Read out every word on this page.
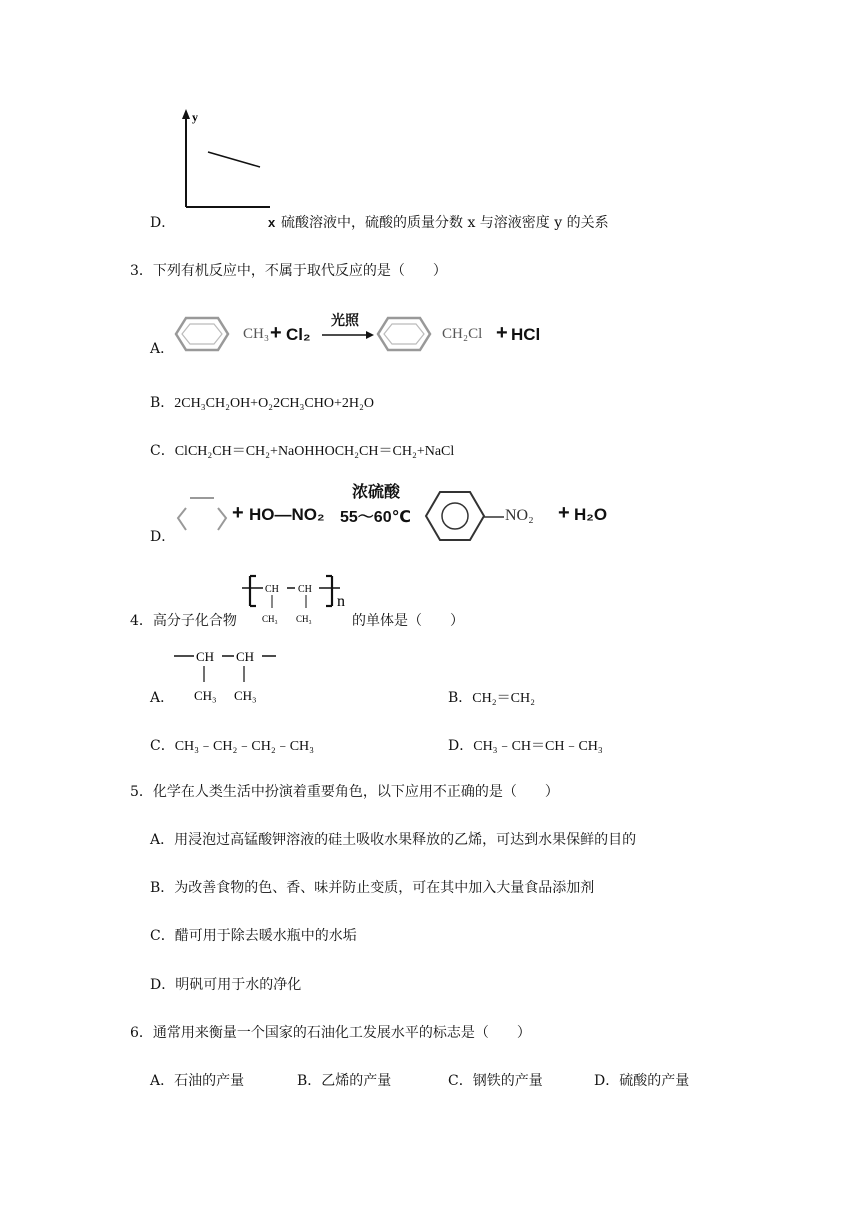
y
D．	x 硫酸溶液中，硫酸的质量分数 x 与溶液密度 y 的关系
3．下列有机反应中，不属于取代反应的是（　　）
A．
CH₃ + Cl₂
光照
CH₂Cl + HCl
B．2CH₃CH₂OH+O₂2CH₃CHO+2H₂O
C．ClCH₂CH＝CH₂+NaOHHOCH₂CH＝CH₂+NaCl
D．
+ HO—NO₂
浓硫酸
55～60℃	NO₂ + H₂O
4．高分子化合物
CH CH
CH₃ CH₃
n
的单体是（　　）
A．
CH CH
CH₃ CH₃	B．CH₂＝CH₂
C．CH₃﹣CH₂﹣CH₂﹣CH₃	D．CH₃﹣CH＝CH﹣CH₃
5．化学在人类生活中扮演着重要角色，以下应用不正确的是（　　）
A．用浸泡过高锰酸钾溶液的硅土吸收水果释放的乙烯，可达到水果保鲜的目的
B．为改善食物的色、香、味并防止变质，可在其中加入大量食品添加剂
C．醋可用于除去暖水瓶中的水垢
D．明矾可用于水的净化
6．通常用来衡量一个国家的石油化工发展水平的标志是（　　）
A．石油的产量	B．乙烯的产量	C．钢铁的产量	D．硫酸的产量
